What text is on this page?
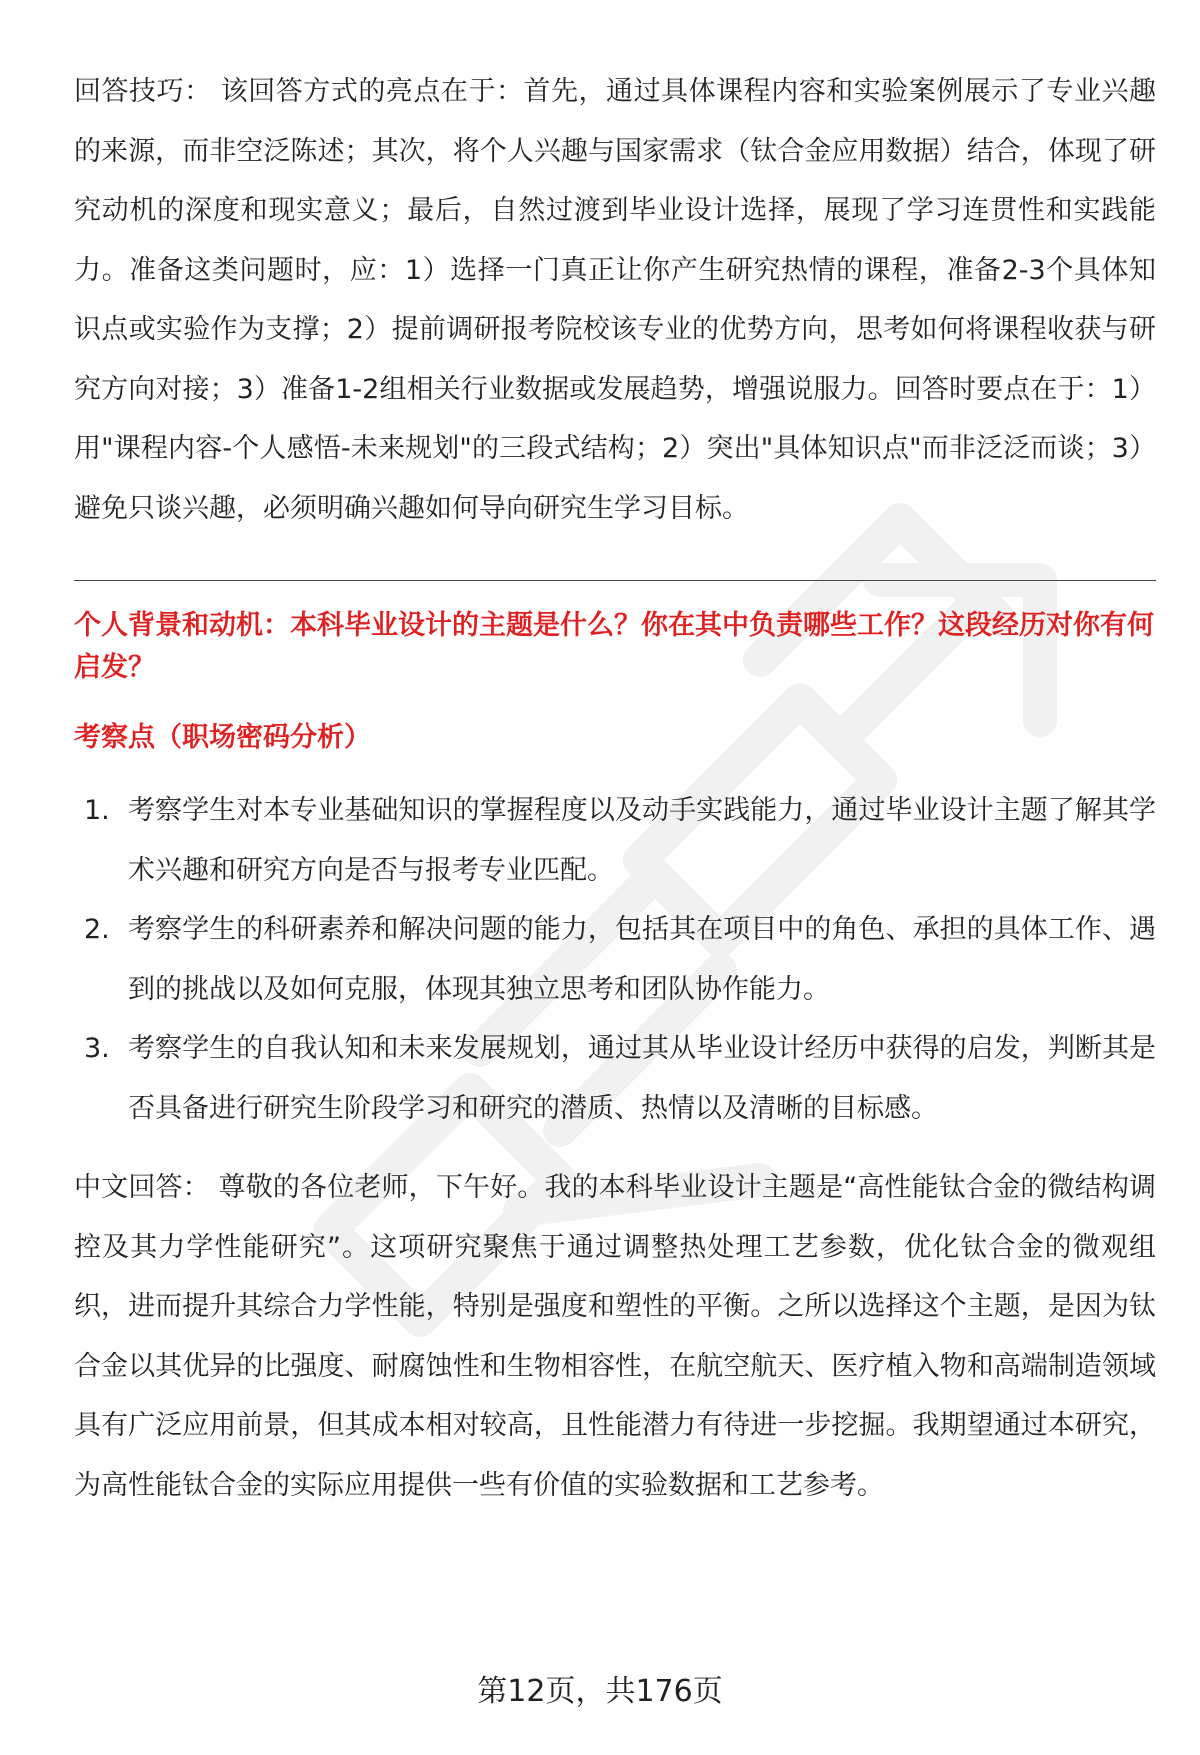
回答技巧： 该回答方式的亮点在于：首先，通过具体课程内容和实验案例展示了专业兴趣的来源，而非空泛陈述；其次，将个人兴趣与国家需求（钛合金应用数据）结合，体现了研究动机的深度和现实意义；最后，自然过渡到毕业设计选择，展现了学习连贯性和实践能力。准备这类问题时，应：1）选择一门真正让你产生研究热情的课程，准备2-3个具体知识点或实验作为支撑；2）提前调研报考院校该专业的优势方向，思考如何将课程收获与研究方向对接；3）准备1-2组相关行业数据或发展趋势，增强说服力。回答时要点在于：1）用"课程内容-个人感悟-未来规划"的三段式结构；2）突出"具体知识点"而非泛泛而谈；3）避免只谈兴趣，必须明确兴趣如何导向研究生学习目标。

个人背景和动机：本科毕业设计的主题是什么？你在其中负责哪些工作？这段经历对你有何启发？

考察点（职场密码分析）

1. 考察学生对本专业基础知识的掌握程度以及动手实践能力，通过毕业设计主题了解其学术兴趣和研究方向是否与报考专业匹配。
2. 考察学生的科研素养和解决问题的能力，包括其在项目中的角色、承担的具体工作、遇到的挑战以及如何克服，体现其独立思考和团队协作能力。
3. 考察学生的自我认知和未来发展规划，通过其从毕业设计经历中获得的启发，判断其是否具备进行研究生阶段学习和研究的潜质、热情以及清晰的目标感。

中文回答： 尊敬的各位老师，下午好。我的本科毕业设计主题是“高性能钛合金的微结构调控及其力学性能研究”。这项研究聚焦于通过调整热处理工艺参数，优化钛合金的微观组织，进而提升其综合力学性能，特别是强度和塑性的平衡。之所以选择这个主题，是因为钛合金以其优异的比强度、耐腐蚀性和生物相容性，在航空航天、医疗植入物和高端制造领域具有广泛应用前景，但其成本相对较高，且性能潜力有待进一步挖掘。我期望通过本研究，为高性能钛合金的实际应用提供一些有价值的实验数据和工艺参考。

第12页，共176页
